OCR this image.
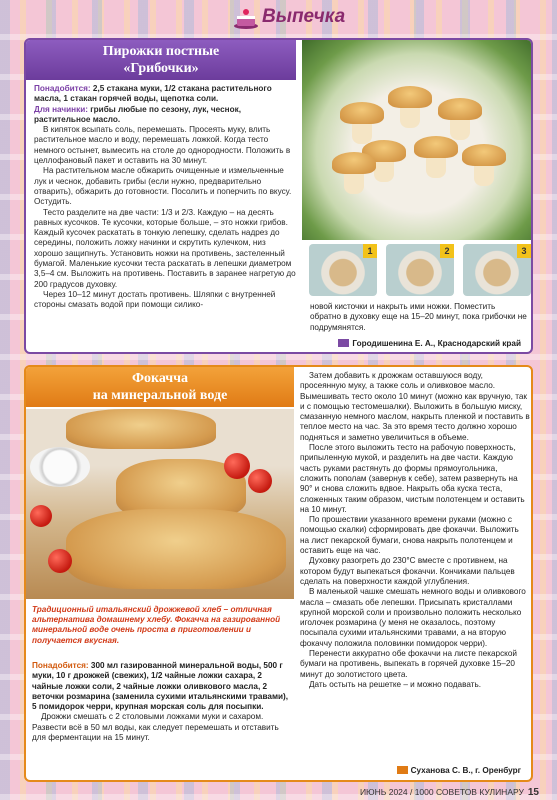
Выпечка
Пирожки постные
«Грибочки»

Понадобится: 2,5 стакана муки, 1/2 стакана растительного масла, 1 стакан горячей воды, щепотка соли.

Для начинки: грибы любые по сезону, лук, чеснок, растительное масло.

В кипяток всыпать соль, перемешать. Просеять муку, влить растительное масло и воду, перемешать ложкой. Когда тесто немного остынет, вымесить на столе до однородности. Положить в целлофановый пакет и оставить на 30 минут.

На растительном масле обжарить очищенные и измельченные лук и чеснок, добавить грибы (если нужно, предварительно отварить), обжарить до готовности. Посолить и поперчить по вкусу. Остудить.

Тесто разделите на две части: 1/3 и 2/3. Каждую – на десять равных кусочков. Те кусочки, которые больше, – это ножки грибов. Каждый кусочек раскатать в тонкую лепешку, сделать надрез до середины, положить ложку начинки и скрутить кулечком, низ хорошо защипнуть. Установить ножки на противень, застеленный бумагой. Маленькие кусочки теста раскатать в лепешки диаметром 3,5–4 см. Выложить на противень. Поставить в заранее нагретую до 200 градусов духовку.

Через 10–12 минут достать противень. Шляпки с внутренней стороны смазать водой при помощи силико-

1	2	3
новой кисточки и накрыть ими ножки. Поместить обратно в духовку еще на 15–20 минут, пока грибочки не подрумянятся.
Городишенина Е. А., Краснодарский край
Фокачча
на минеральной воде
Традиционный итальянский дрожжевой хлеб – отличная альтернатива домашнему хлебу. Фокачча на газированной минеральной воде очень проста в приготовлении и получается вкусная.

Понадобится: 300 мл газированной минеральной воды, 500 г муки, 10 г дрожжей (свежих), 1/2 чайные ложки сахара, 2 чайные ложки соли, 2 чайные ложки оливкового масла, 2 веточки розмарина (заменила сухими итальянскими травами), 5 помидорок черри, крупная морская соль для посыпки.

Дрожжи смешать с 2 столовыми ложками муки и сахаром. Развести всё в 50 мл воды, как следует перемешать и отставить для ферментации на 15 минут.

Затем добавить к дрожжам оставшуюся воду, просеянную муку, а также соль и оливковое масло. Вымешивать тесто около 10 минут (можно как вручную, так и с помощью тестомешалки). Выложить в большую миску, смазанную немного маслом, накрыть пленкой и поставить в теплое место на час. За это время тесто должно хорошо подняться и заметно увеличиться в объеме.

После этого выложить тесто на рабочую поверхность, припыленную мукой, и разделить на две части. Каждую часть руками растянуть до формы прямоугольника, сложить пополам (завернув к себе), затем развернуть на 90° и снова сложить вдвое. Накрыть оба куска теста, сложенных таким образом, чистым полотенцем и оставить на 10 минут.

По прошествии указанного времени руками (можно с помощью скалки) сформировать две фокаччи. Выложить на лист пекарской бумаги, снова накрыть полотенцем и оставить еще на час.

Духовку разогреть до 230°С вместе с противнем, на котором будут выпекаться фокаччи. Кончиками пальцев сделать на поверхности каждой углубления.

В маленькой чашке смешать немного воды и оливкового масла – смазать обе лепешки. Присыпать кристаллами крупной морской соли и произвольно положить несколько иголочек розмарина (у меня не оказалось, поэтому посыпала сухими итальянскими травами, а на вторую фокаччу положила половинки помидорок черри).

Перенести аккуратно обе фокаччи на листе пекарской бумаги на противень, выпекать в горячей духовке 15–20 минут до золотистого цвета.

Дать остыть на решетке – и можно подавать.

Суханова С. В., г. Оренбург
ИЮНЬ 2024 / 1000 СОВЕТОВ КУЛИНАРУ 15
